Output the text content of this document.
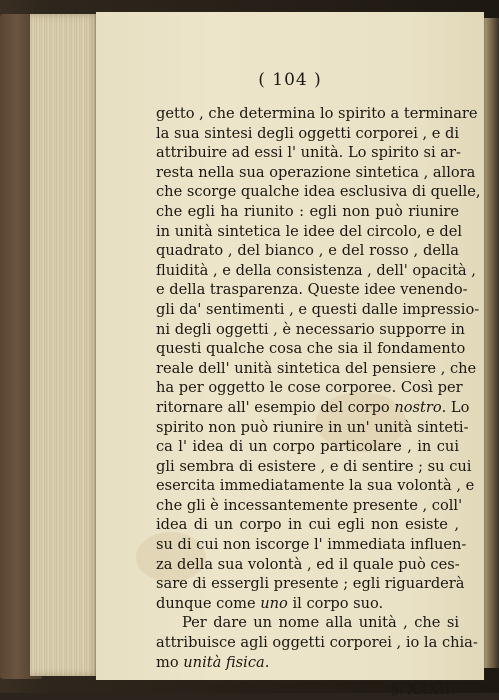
( 104 )
getto , che determina lo spirito a terminare
la sua sintesi degli oggetti corporei , e di
attribuire ad essi l' unità. Lo spirito si ar-
resta nella sua operazione sintetica , allora
che scorge qualche idea esclusiva di quelle,
che egli ha riunito : egli non può riunire
in unità sintetica le idee del circolo, e del
quadrato , del bianco , e del rosso , della
fluidità , e della consistenza , dell' opacità ,
e della trasparenza. Queste idee venendo-
gli da' sentimenti , e questi dalle impressio-
ni degli oggetti , è necessario supporre in
questi qualche cosa che sia il fondamento
reale dell' unità sintetica del pensiere , che
ha per oggetto le cose corporee. Così per
ritornare all' esempio del corpo nostro. Lo
spirito non può riunire in un' unità sinteti-
ca l' idea di un corpo particolare , in cui
gli sembra di esistere , e di sentire ; su cui
esercita immediatamente la sua volontà , e
che gli è incessantemente presente , coll'
idea di un corpo in cui egli non esiste ,
su di cui non iscorge l' immediata influen-
za della sua volontà , ed il quale può ces-
sare di essergli presente ; egli riguarderà
dunque come uno il corpo suo.
Per dare un nome alla unità , che si
attribuisce agli oggetti corporei , io la chia-
mo unità fisica.
§. XXXII.
